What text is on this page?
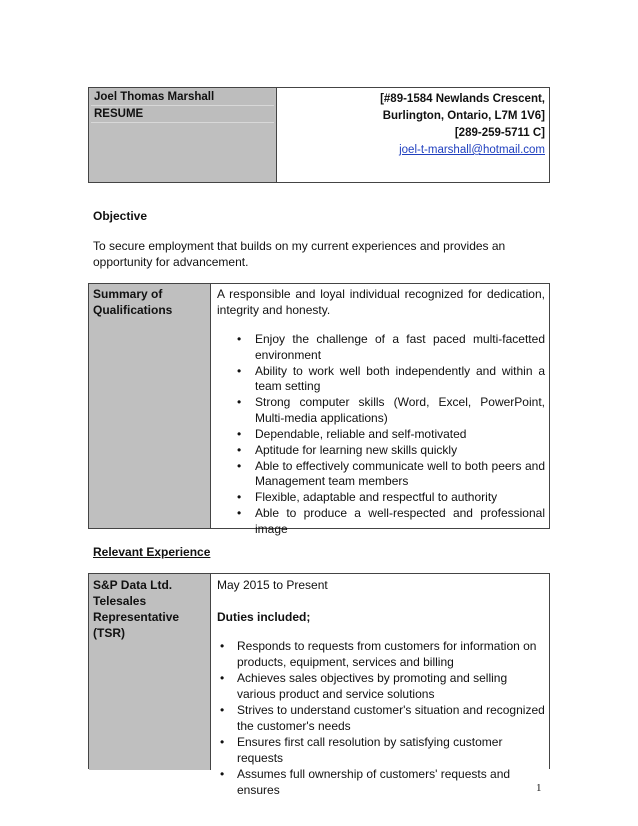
Joel Thomas Marshall
RESUME
[#89-1584 Newlands Crescent,
Burlington, Ontario, L7M 1V6]
[289-259-5711 C]
joel-t-marshall@hotmail.com
Objective
To secure employment that builds on my current experiences and provides an
opportunity for advancement.
Summary of
Qualifications
A responsible and loyal individual recognized for dedication, integrity and honesty.
• Enjoy the challenge of a fast paced multi-facetted environment
• Ability to work well both independently and within a team setting
• Strong computer skills (Word, Excel, PowerPoint, Multi-media applications)
• Dependable, reliable and self-motivated
• Aptitude for learning new skills quickly
• Able to effectively communicate well to both peers and Management team members
• Flexible, adaptable and respectful to authority
• Able to produce a well-respected and professional image
Relevant Experience
S&P Data Ltd.
Telesales
Representative (TSR)
May 2015 to Present
Duties included;
• Responds to requests from customers for information on products, equipment, services and billing
• Achieves sales objectives by promoting and selling various product and service solutions
• Strives to understand customer's situation and recognized the customer's needs
• Ensures first call resolution by satisfying customer requests
• Assumes full ownership of customers' requests and ensures	1
